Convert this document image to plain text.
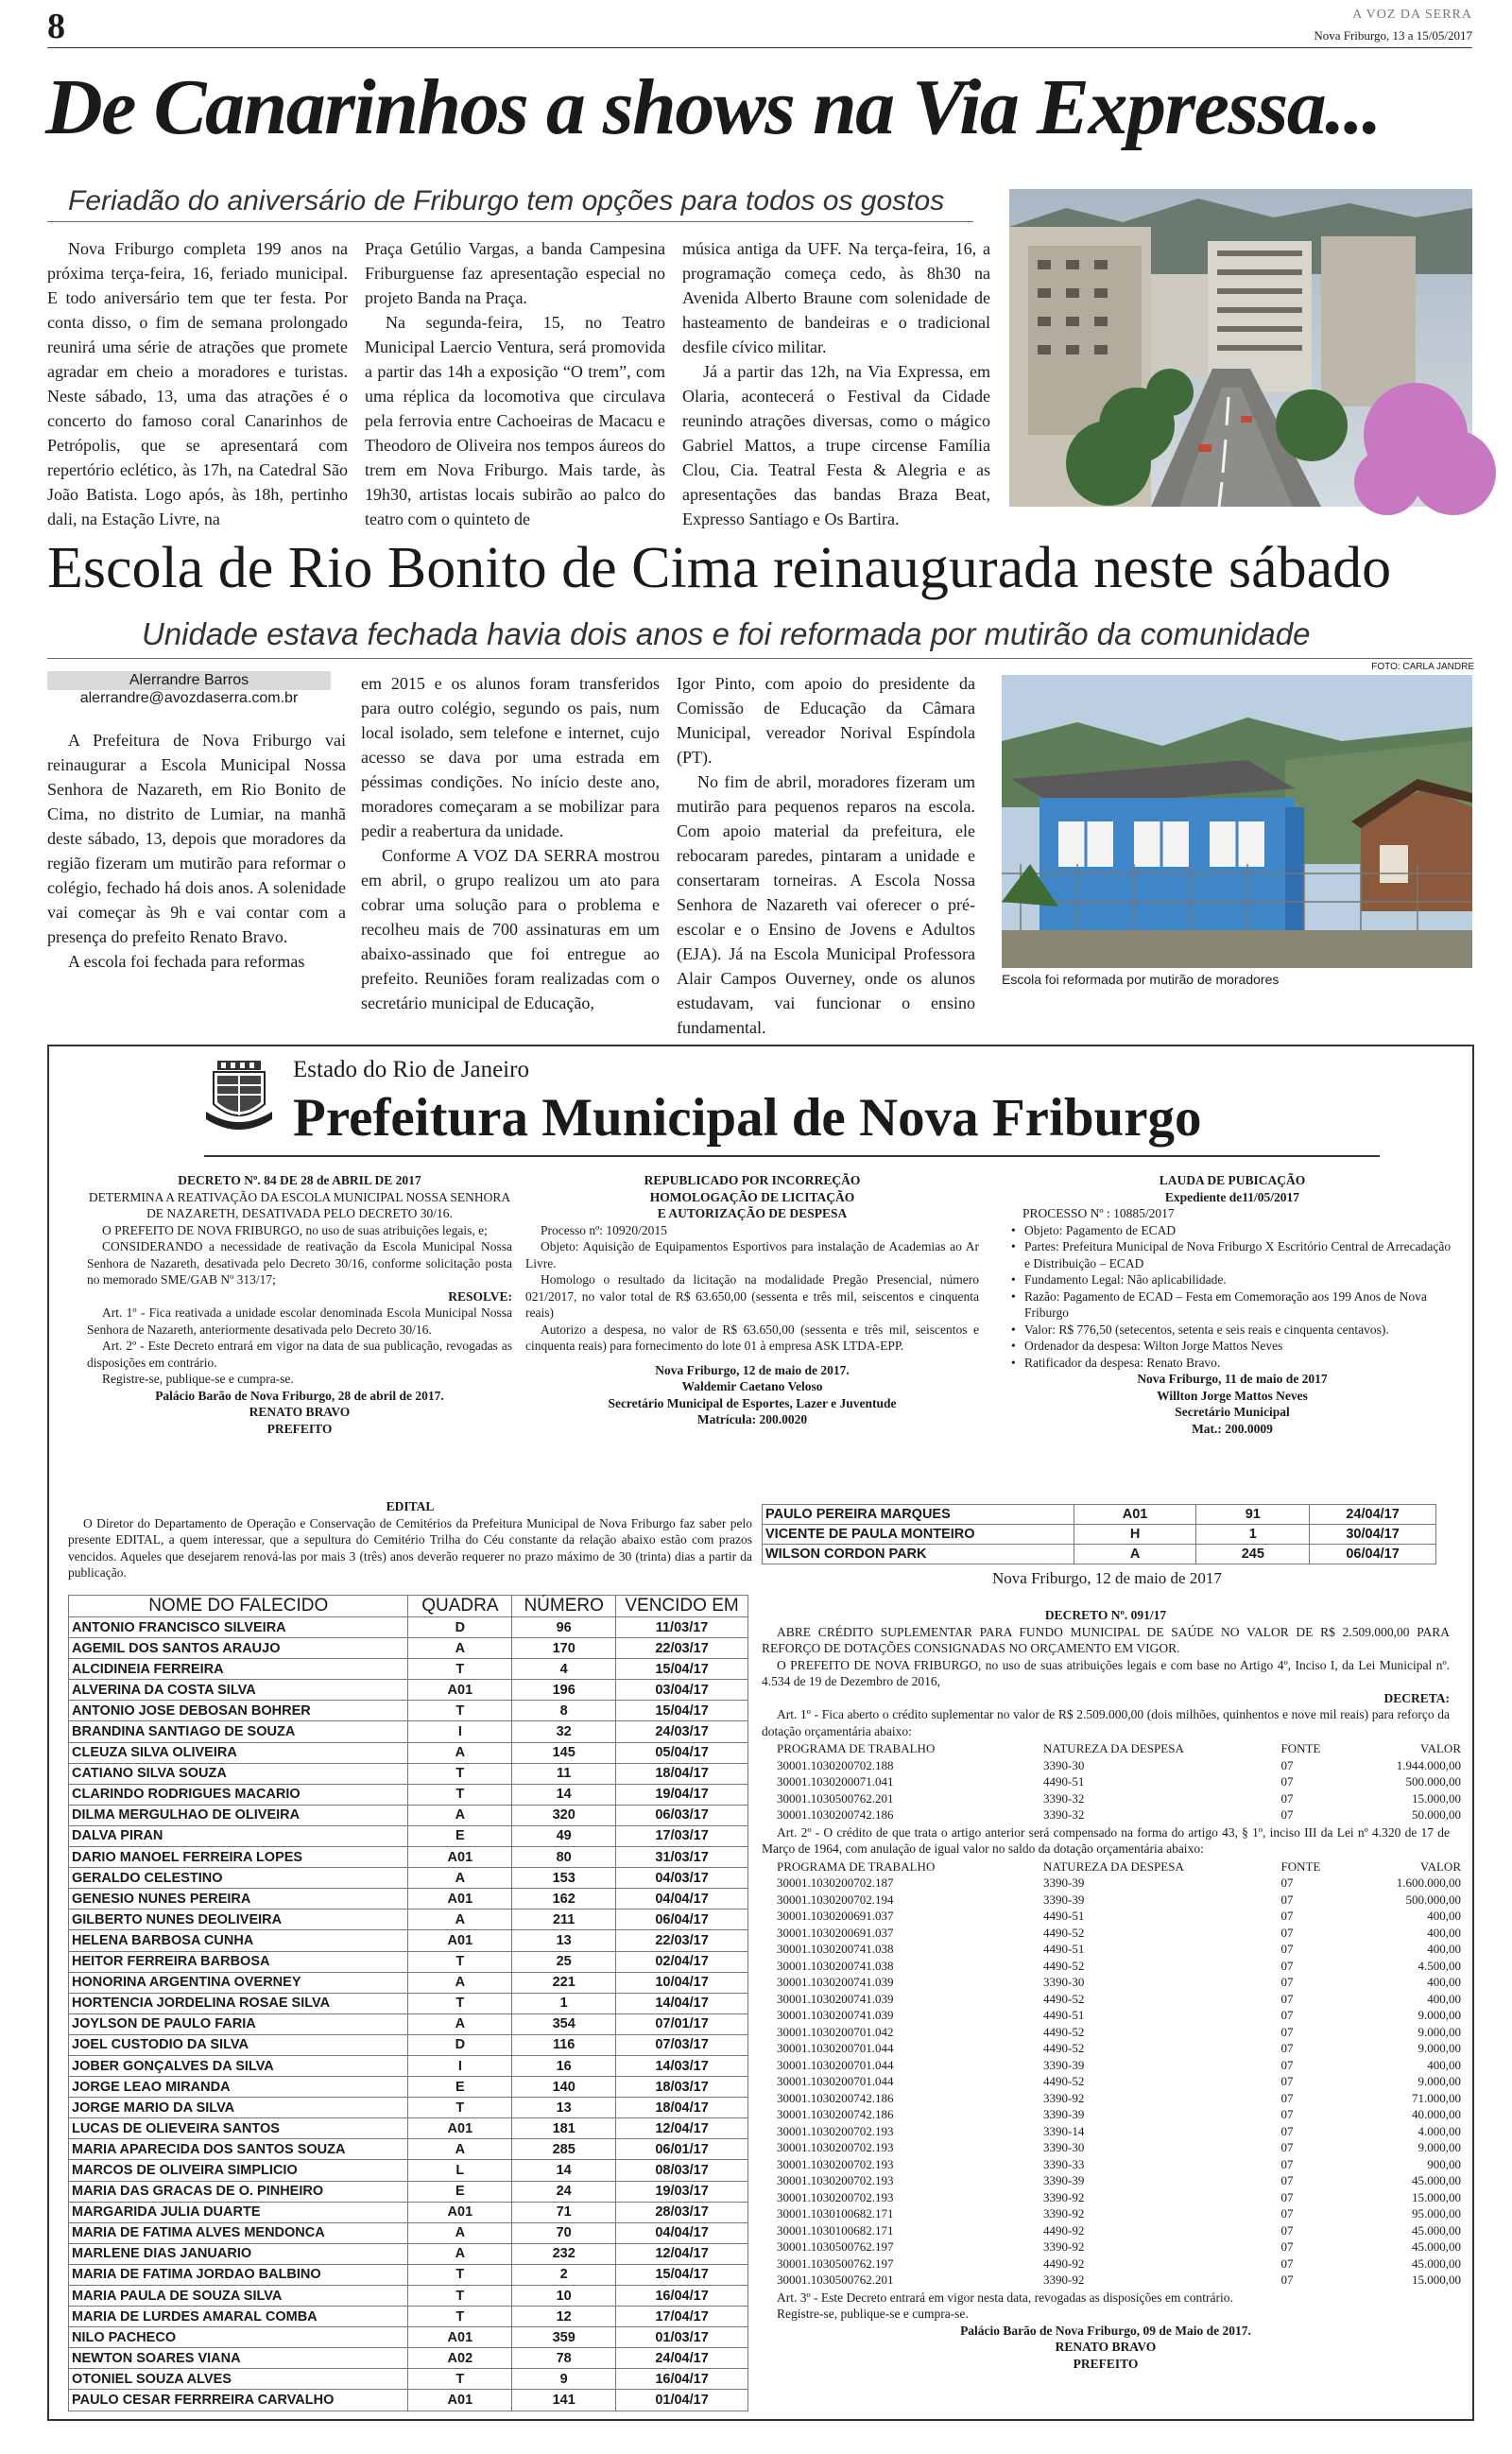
8	A VOZ DA SERRA
Nova Friburgo, 13 a 15/05/2017
De Canarinhos a shows na Via Expressa...
Feriadão do aniversário de Friburgo tem opções para todos os gostos

Nova Friburgo completa 199 anos na próxima terça-feira, 16, feriado municipal. E todo aniversário tem que ter festa. Por conta disso, o fim de semana prolongado reunirá uma série de atrações que promete agradar em cheio a moradores e turistas. Neste sábado, 13, uma das atrações é o concerto do famoso coral Canarinhos de Petrópolis, que se apresentará com repertório eclético, às 17h, na Catedral São João Batista. Logo após, às 18h, pertinho dali, na Estação Livre, na

Praça Getúlio Vargas, a banda Campesina Friburguense faz apresentação especial no projeto Banda na Praça.

Na segunda-feira, 15, no Teatro Municipal Laercio Ventura, será promovida a partir das 14h a exposição “O trem”, com uma réplica da locomotiva que circulava pela ferrovia entre Cachoeiras de Macacu e Theodoro de Oliveira nos tempos áureos do trem em Nova Friburgo. Mais tarde, às 19h30, artistas locais subirão ao palco do teatro com o quinteto de

música antiga da UFF. Na terça-feira, 16, a programação começa cedo, às 8h30 na Avenida Alberto Braune com solenidade de hasteamento de bandeiras e o tradicional desfile cívico militar.

Já a partir das 12h, na Via Expressa, em Olaria, acontecerá o Festival da Cidade reunindo atrações diversas, como o mágico Gabriel Mattos, a trupe circense Família Clou, Cia. Teatral Festa & Alegria e as apresentações das bandas Braza Beat, Expresso Santiago e Os Bartira.

Escola de Rio Bonito de Cima reinaugurada neste sábado
Unidade estava fechada havia dois anos e foi reformada por mutirão da comunidade
Alerrandre Barros
alerrandre@avozdaserra.com.br

A Prefeitura de Nova Friburgo vai reinaugurar a Escola Municipal Nossa Senhora de Nazareth, em Rio Bonito de Cima, no distrito de Lumiar, na manhã deste sábado, 13, depois que moradores da região fizeram um mutirão para reformar o colégio, fechado há dois anos. A solenidade vai começar às 9h e vai contar com a presença do prefeito Renato Bravo.

A escola foi fechada para reformas

em 2015 e os alunos foram transferidos para outro colégio, segundo os pais, num local isolado, sem telefone e internet, cujo acesso se dava por uma estrada em péssimas condições. No início deste ano, moradores começaram a se mobilizar para pedir a reabertura da unidade.

Conforme A VOZ DA SERRA mostrou em abril, o grupo realizou um ato para cobrar uma solução para o problema e recolheu mais de 700 assinaturas em um abaixo-assinado que foi entregue ao prefeito. Reuniões foram realizadas com o secretário municipal de Educação,

Igor Pinto, com apoio do presidente da Comissão de Educação da Câmara Municipal, vereador Norival Espíndola (PT).

No fim de abril, moradores fizeram um mutirão para pequenos reparos na escola. Com apoio material da prefeitura, ele rebocaram paredes, pintaram a unidade e consertaram torneiras. A Escola Nossa Senhora de Nazareth vai oferecer o pré-escolar e o Ensino de Jovens e Adultos (EJA). Já na Escola Municipal Professora Alair Campos Ouverney, onde os alunos estudavam, vai funcionar o ensino fundamental.

FOTO: CARLA JANDRE
Escola foi reformada por mutirão de moradores
Estado do Rio de Janeiro
Prefeitura Municipal de Nova Friburgo
DECRETO Nº. 84 DE 28 de ABRIL DE 2017
DETERMINA A REATIVAÇÃO DA ESCOLA MUNICIPAL NOSSA SENHORA DE NAZARETH, DESATIVADA PELO DECRETO 30/16.

O PREFEITO DE NOVA FRIBURGO, no uso de suas atribuições legais, e;

CONSIDERANDO a necessidade de reativação da Escola Municipal Nossa Senhora de Nazareth, desativada pelo Decreto 30/16, conforme solicitação posta no memorado SME/GAB Nº 313/17;

RESOLVE:

Art. 1º - Fica reativada a unidade escolar denominada Escola Municipal Nossa Senhora de Nazareth, anteriormente desativada pelo Decreto 30/16.

Art. 2º - Este Decreto entrará em vigor na data de sua publicação, revogadas as disposições em contrário.

Registre-se, publique-se e cumpra-se.

Palácio Barão de Nova Friburgo, 28 de abril de 2017.
RENATO BRAVO
PREFEITO
REPUBLICADO POR INCORREÇÃO
HOMOLOGAÇÃO DE LICITAÇÃO
E AUTORIZAÇÃO DE DESPESA

Processo nº: 10920/2015

Objeto: Aquisição de Equipamentos Esportivos para instalação de Academias ao Ar Livre.

Homologo o resultado da licitação na modalidade Pregão Presencial, número 021/2017, no valor total de R$ 63.650,00 (sessenta e três mil, seiscentos e cinquenta reais)

Autorizo a despesa, no valor de R$ 63.650,00 (sessenta e três mil, seiscentos e cinquenta reais) para fornecimento do lote 01 à empresa ASK LTDA-EPP.

Nova Friburgo, 12 de maio de 2017.
Waldemir Caetano Veloso
Secretário Municipal de Esportes, Lazer e Juventude
Matrícula: 200.0020
LAUDA DE PUBICAÇÃO
Expediente de11/05/2017

PROCESSO Nº : 10885/2017

• Objeto: Pagamento de ECAD
• Partes: Prefeitura Municipal de Nova Friburgo X Escritório Central de Arrecadação e Distribuição – ECAD
• Fundamento Legal: Não aplicabilidade.
• Razão: Pagamento de ECAD – Festa em Comemoração aos 199 Anos de Nova Friburgo
• Valor: R$ 776,50 (setecentos, setenta e seis reais e cinquenta centavos).
• Ordenador da despesa: Wilton Jorge Mattos Neves
• Ratificador da despesa: Renato Bravo.
Nova Friburgo, 11 de maio de 2017
Willton Jorge Mattos Neves
Secretário Municipal
Mat.: 200.0009
EDITAL

O Diretor do Departamento de Operação e Conservação de Cemitérios da Prefeitura Municipal de Nova Friburgo faz saber pelo presente EDITAL, a quem interessar, que a sepultura do Cemitério Trilha do Céu constante da relação abaixo estão com prazos vencidos. Aqueles que desejarem renová-las por mais 3 (três) anos deverão requerer no prazo máximo de 30 (trinta) dias a partir da publicação.

NOME DO FALECIDO	QUADRA	NÚMERO	VENCIDO EM
ANTONIO FRANCISCO SILVEIRA	D	96	11/03/17
AGEMIL DOS SANTOS ARAUJO	A	170	22/03/17
ALCIDINEIA FERREIRA	T	4	15/04/17
ALVERINA DA COSTA SILVA	A01	196	03/04/17
ANTONIO JOSE DEBOSAN BOHRER	T	8	15/04/17
BRANDINA SANTIAGO DE SOUZA	I	32	24/03/17
CLEUZA SILVA OLIVEIRA	A	145	05/04/17
CATIANO SILVA SOUZA	T	11	18/04/17
CLARINDO RODRIGUES MACARIO	T	14	19/04/17
DILMA MERGULHAO DE OLIVEIRA	A	320	06/03/17
DALVA PIRAN	E	49	17/03/17
DARIO MANOEL FERREIRA LOPES	A01	80	31/03/17
GERALDO CELESTINO	A	153	04/03/17
GENESIO NUNES PEREIRA	A01	162	04/04/17
GILBERTO NUNES DEOLIVEIRA	A	211	06/04/17
HELENA BARBOSA CUNHA	A01	13	22/03/17
HEITOR FERREIRA BARBOSA	T	25	02/04/17
HONORINA ARGENTINA OVERNEY	A	221	10/04/17
HORTENCIA JORDELINA ROSAE SILVA	T	1	14/04/17
JOYLSON DE PAULO FARIA	A	354	07/01/17
JOEL CUSTODIO DA SILVA	D	116	07/03/17
JOBER GONÇALVES DA SILVA	I	16	14/03/17
JORGE LEAO MIRANDA	E	140	18/03/17
JORGE MARIO DA SILVA	T	13	18/04/17
LUCAS DE OLIEVEIRA SANTOS	A01	181	12/04/17
MARIA APARECIDA DOS SANTOS SOUZA	A	285	06/01/17
MARCOS DE OLIVEIRA SIMPLICIO	L	14	08/03/17
MARIA DAS GRACAS DE O. PINHEIRO	E	24	19/03/17
MARGARIDA JULIA DUARTE	A01	71	28/03/17
MARIA DE FATIMA ALVES MENDONCA	A	70	04/04/17
MARLENE DIAS JANUARIO	A	232	12/04/17
MARIA DE FATIMA JORDAO BALBINO	T	2	15/04/17
MARIA PAULA DE SOUZA SILVA	T	10	16/04/17
MARIA DE LURDES AMARAL COMBA	T	12	17/04/17
NILO PACHECO	A01	359	01/03/17
NEWTON SOARES VIANA	A02	78	24/04/17
OTONIEL SOUZA ALVES	T	9	16/04/17
PAULO CESAR FERRREIRA CARVALHO	A01	141	01/04/17
PAULO PEREIRA MARQUES	A01	91	24/04/17
VICENTE DE PAULA MONTEIRO	H	1	30/04/17
WILSON CORDON PARK	A	245	06/04/17
Nova Friburgo, 12 de maio de 2017
DECRETO Nº. 091/17

ABRE CRÉDITO SUPLEMENTAR PARA FUNDO MUNICIPAL DE SAÚDE NO VALOR DE R$ 2.509.000,00 PARA REFORÇO DE DOTAÇÕES CONSIGNADAS NO ORÇAMENTO EM VIGOR.

O PREFEITO DE NOVA FRIBURGO, no uso de suas atribuições legais e com base no Artigo 4º, Inciso I, da Lei Municipal nº. 4.534 de 19 de Dezembro de 2016,

DECRETA:

Art. 1º - Fica aberto o crédito suplementar no valor de R$ 2.509.000,00 (dois milhões, quinhentos e nove mil reais) para reforço da dotação orçamentária abaixo:

PROGRAMA DE TRABALHO	NATUREZA DA DESPESA	FONTE	VALOR
30001.1030200702.188	3390-30	07	1.944.000,00
30001.1030200071.041	4490-51	07	500.000,00
30001.1030500762.201	3390-32	07	15.000,00
30001.1030200742.186	3390-32	07	50.000,00

Art. 2º - O crédito de que trata o artigo anterior será compensado na forma do artigo 43, § 1º, inciso III da Lei nº 4.320 de 17 de Março de 1964, com anulação de igual valor no saldo da dotação orçamentária abaixo:

PROGRAMA DE TRABALHO	NATUREZA DA DESPESA	FONTE	VALOR
30001.1030200702.187	3390-39	07	1.600.000,00
30001.1030200702.194	3390-39	07	500.000,00
30001.1030200691.037	4490-51	07	400,00
30001.1030200691.037	4490-52	07	400,00
30001.1030200741.038	4490-51	07	400,00
30001.1030200741.038	4490-52	07	4.500,00
30001.1030200741.039	3390-30	07	400,00
30001.1030200741.039	4490-52	07	400,00
30001.1030200741.039	4490-51	07	9.000,00
30001.1030200701.042	4490-52	07	9.000,00
30001.1030200701.044	4490-52	07	9.000,00
30001.1030200701.044	3390-39	07	400,00
30001.1030200701.044	4490-52	07	9.000,00
30001.1030200742.186	3390-92	07	71.000,00
30001.1030200742.186	3390-39	07	40.000,00
30001.1030200702.193	3390-14	07	4.000,00
30001.1030200702.193	3390-30	07	9.000,00
30001.1030200702.193	3390-33	07	900,00
30001.1030200702.193	3390-39	07	45.000,00
30001.1030200702.193	3390-92	07	15.000,00
30001.1030100682.171	3390-92	07	95.000,00
30001.1030100682.171	4490-92	07	45.000,00
30001.1030500762.197	3390-92	07	45.000,00
30001.1030500762.197	4490-92	07	45.000,00
30001.1030500762.201	3390-92	07	15.000,00

Art. 3º - Este Decreto entrará em vigor nesta data, revogadas as disposições em contrário.

Registre-se, publique-se e cumpra-se.

Palácio Barão de Nova Friburgo, 09 de Maio de 2017.
RENATO BRAVO
PREFEITO
